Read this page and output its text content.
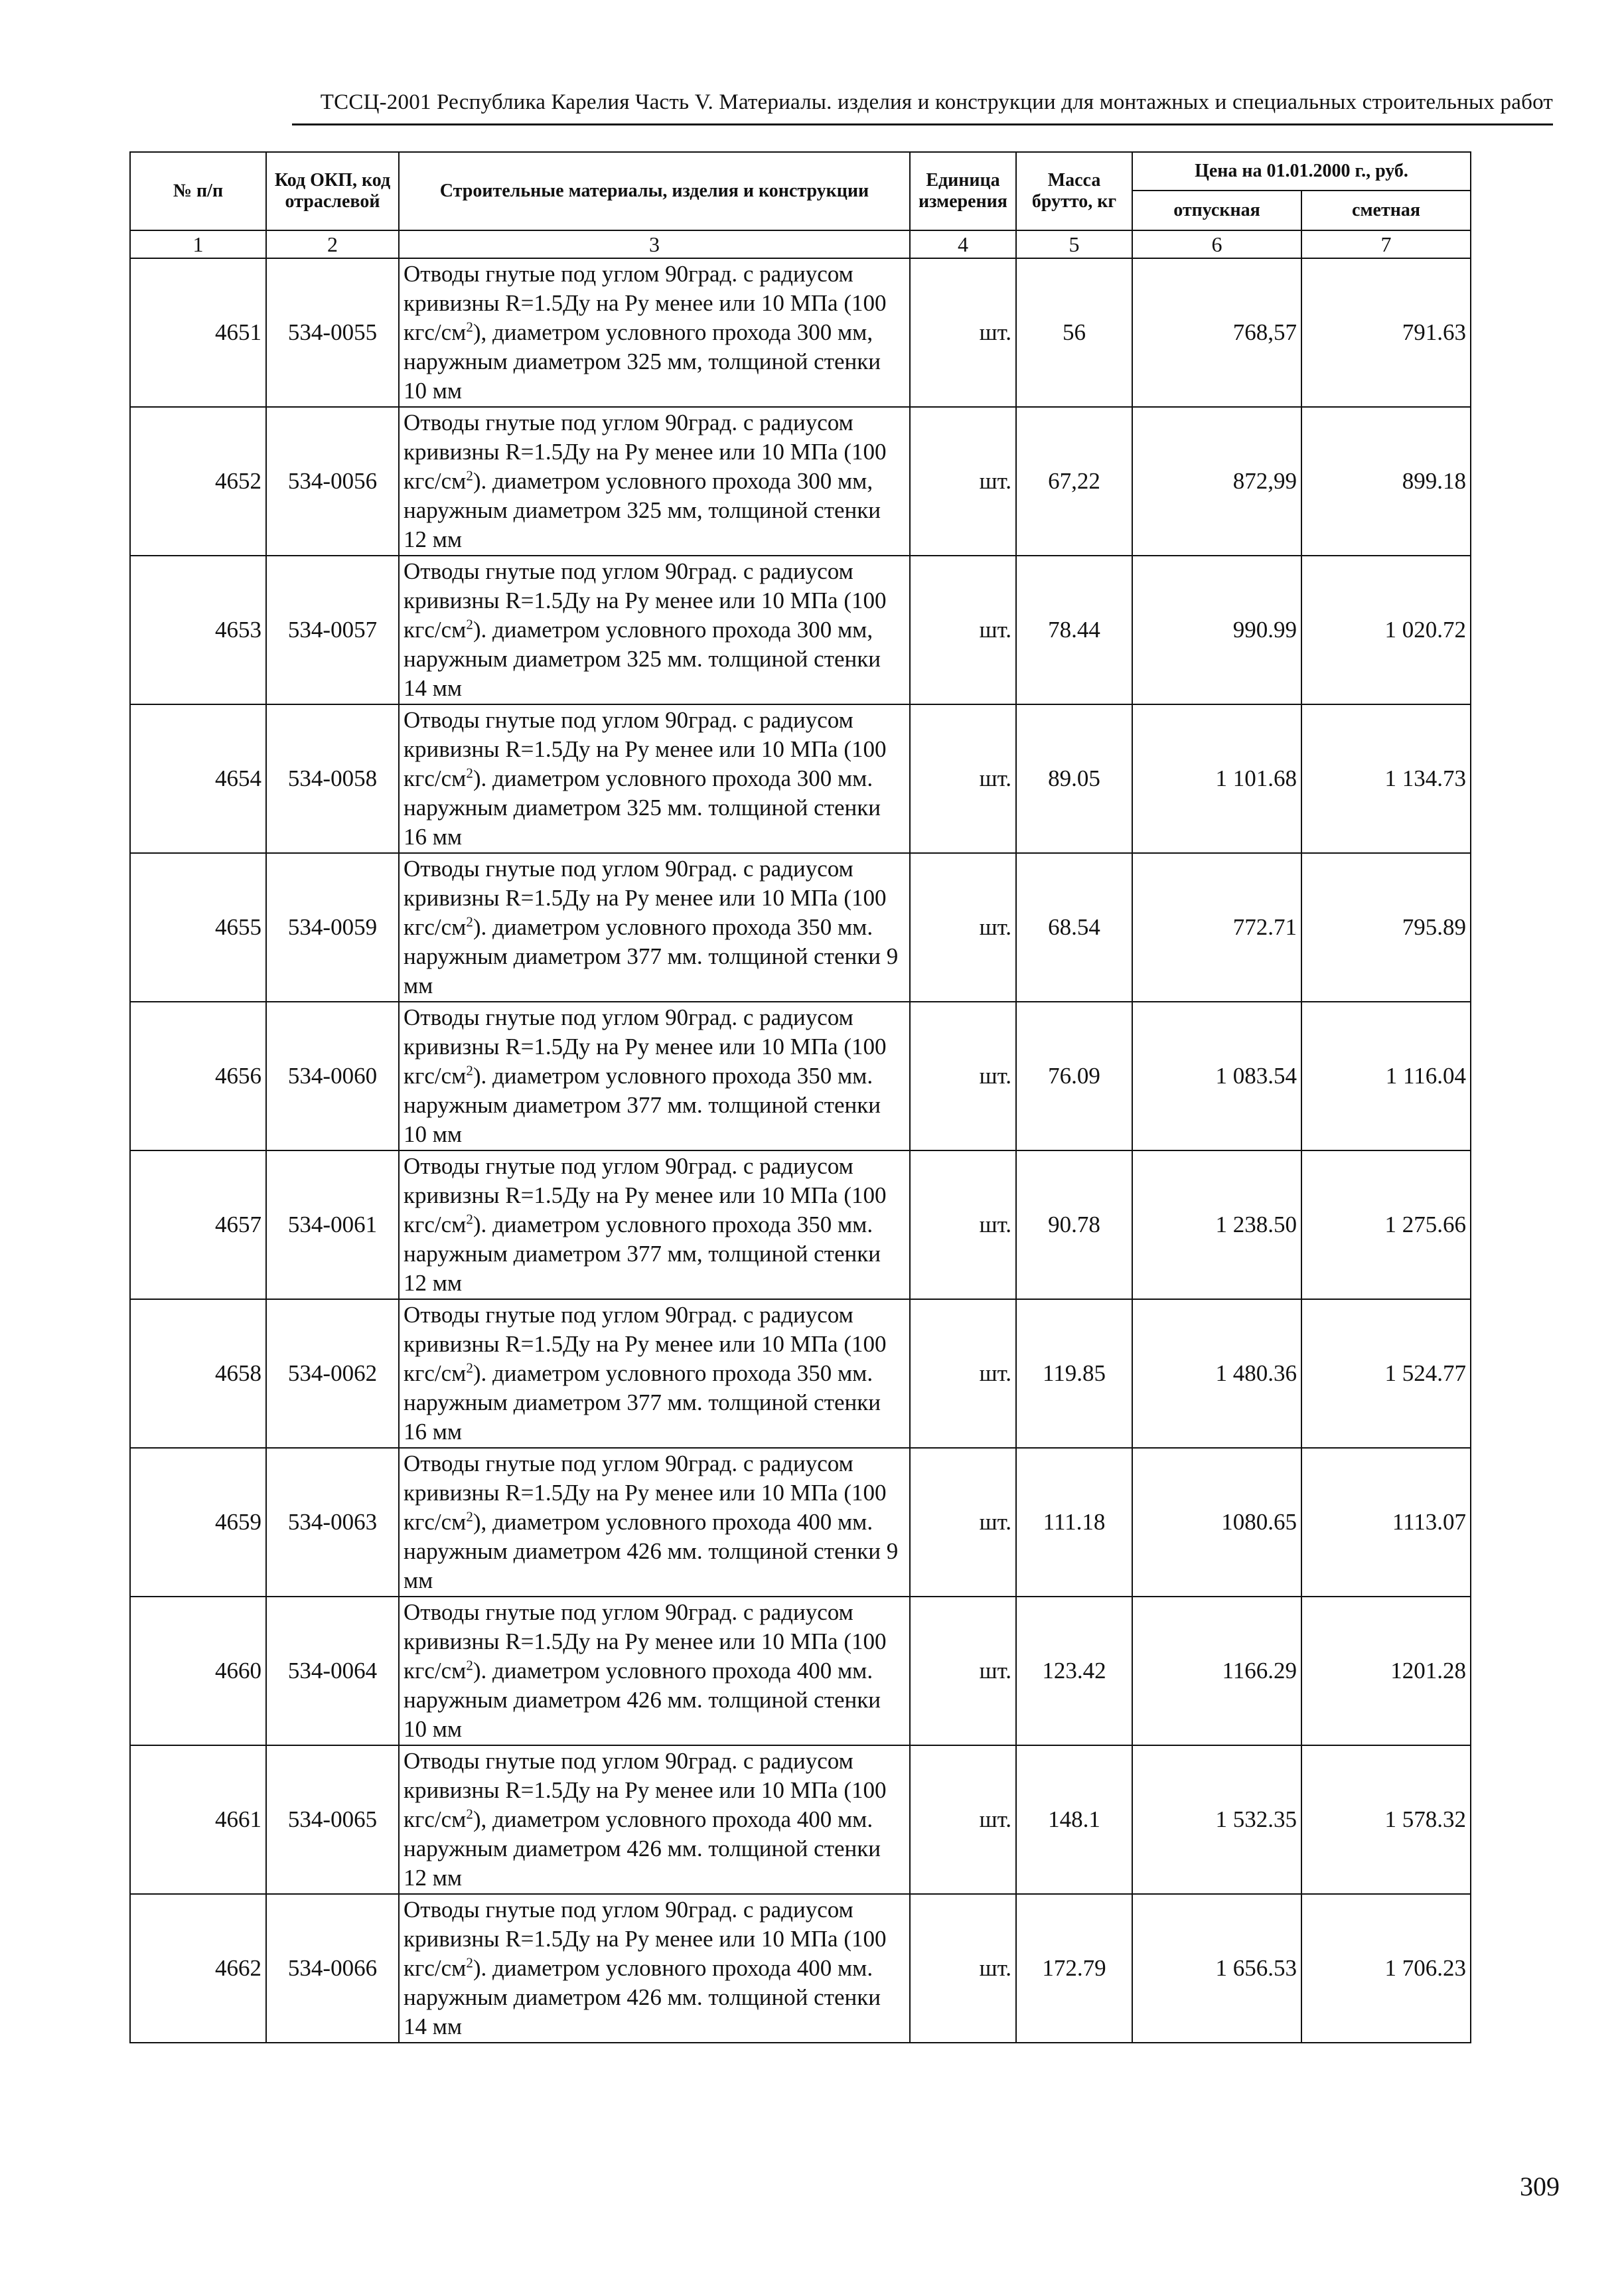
ТССЦ-2001 Республика Карелия Часть V. Материалы. изделия и конструкции для монтажных и специальных строительных работ
№ п/п	Код ОКП, код отраслевой	Строительные материалы, изделия и конструкции	Единица измерения	Масса брутто, кг	Цена на 01.01.2000 г., руб.	
					отпускная	сметная
1	2	3	4	5	6	7
4651	534-0055	Отводы гнутые под углом 90град. с радиусом кривизны R=1.5Ду на Ру менее или 10 МПа (100 кгс/$см^2$), диаметром условного прохода 300 мм, наружным диаметром 325 мм, толщиной стенки 10 мм	шт.	56	768,57	791.63
4652	534-0056	Отводы гнутые под углом 90град. с радиусом кривизны R=1.5Ду на Ру менее или 10 МПа (100 кгс/$см^2$). диаметром условного прохода 300 мм, наружным диаметром 325 мм, толщиной стенки 12 мм	шт.	67,22	872,99	899.18
4653	534-0057	Отводы гнутые под углом 90град. с радиусом кривизны R=1.5Ду на Ру менее или 10 МПа (100 кгс/$см^2$). диаметром условного прохода 300 мм, наружным диаметром 325 мм. толщиной стенки 14 мм	шт.	78.44	990.99	1 020.72
4654	534-0058	Отводы гнутые под углом 90град. с радиусом кривизны R=1.5Ду на Ру менее или 10 МПа (100 кгс/$см^2$). диаметром условного прохода 300 мм. наружным диаметром 325 мм. толщиной стенки 16 мм	шт.	89.05	1 101.68	1 134.73
4655	534-0059	Отводы гнутые под углом 90град. с радиусом кривизны R=1.5Ду на Ру менее или 10 МПа (100 кгс/$см^2$). диаметром условного прохода 350 мм. наружным диаметром 377 мм. толщиной стенки 9 мм	шт.	68.54	772.71	795.89
4656	534-0060	Отводы гнутые под углом 90град. с радиусом кривизны R=1.5Ду на Ру менее или 10 МПа (100 кгс/$см^2$). диаметром условного прохода 350 мм. наружным диаметром 377 мм. толщиной стенки 10 мм	шт.	76.09	1 083.54	1 116.04
4657	534-0061	Отводы гнутые под углом 90град. с радиусом кривизны R=1.5Ду на Ру менее или 10 МПа (100 кгс/$см^2$). диаметром условного прохода 350 мм. наружным диаметром 377 мм, толщиной стенки 12 мм	шт.	90.78	1 238.50	1 275.66
4658	534-0062	Отводы гнутые под углом 90град. с радиусом кривизны R=1.5Ду на Ру менее или 10 МПа (100 кгс/$см^2$). диаметром условного прохода 350 мм. наружным диаметром 377 мм. толщиной стенки 16 мм	шт.	119.85	1 480.36	1 524.77
4659	534-0063	Отводы гнутые под углом 90град. с радиусом кривизны R=1.5Ду на Ру менее или 10 МПа (100 кгс/$см^2$), диаметром условного прохода 400 мм. наружным диаметром 426 мм. толщиной стенки 9 мм	шт.	111.18	1080.65	1113.07
4660	534-0064	Отводы гнутые под углом 90град. с радиусом кривизны R=1.5Ду на Ру менее или 10 МПа (100 кгс/$см^2$). диаметром условного прохода 400 мм. наружным диаметром 426 мм. толщиной стенки 10 мм	шт.	123.42	1166.29	1201.28
4661	534-0065	Отводы гнутые под углом 90град. с радиусом кривизны R=1.5Ду на Ру менее или 10 МПа (100 кгс/$см^2$), диаметром условного прохода 400 мм. наружным диаметром 426 мм. толщиной стенки 12 мм	шт.	148.1	1 532.35	1 578.32
4662	534-0066	Отводы гнутые под углом 90град. с радиусом кривизны R=1.5Ду на Ру менее или 10 МПа (100 кгс/$см^2$). диаметром условного прохода 400 мм. наружным диаметром 426 мм. толщиной стенки 14 мм	шт.	172.79	1 656.53	1 706.23
309
